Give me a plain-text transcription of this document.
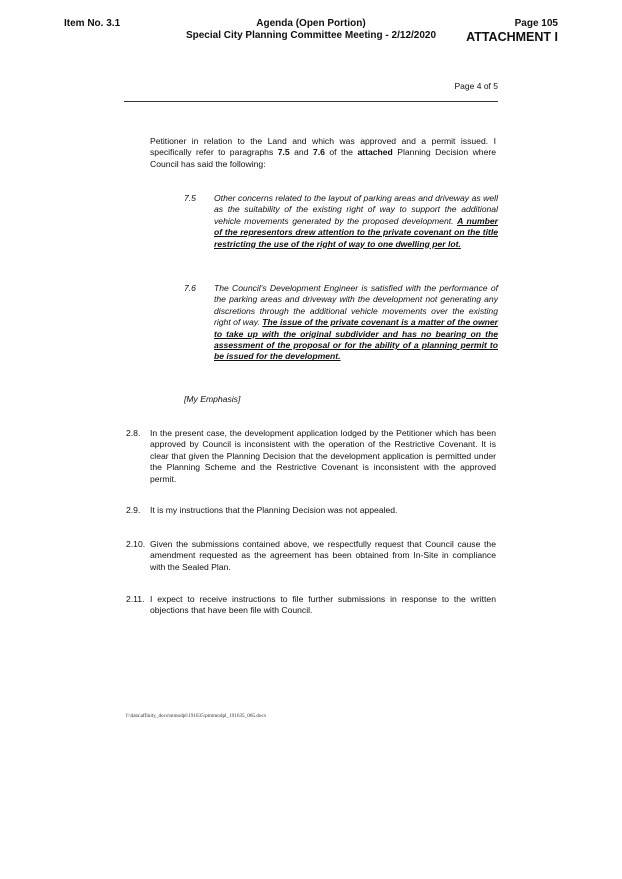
Item No. 3.1	Agenda (Open Portion)
Special City Planning Committee Meeting - 2/12/2020
Page 105
ATTACHMENT I
Page 4 of 5
Petitioner in relation to the Land and which was approved and a permit issued. I specifically refer to paragraphs 7.5 and 7.6 of the attached Planning Decision where Council has said the following:
7.5 Other concerns related to the layout of parking areas and driveway as well as the suitability of the existing right of way to support the additional vehicle movements generated by the proposed development. A number of the representors drew attention to the private covenant on the title restricting the use of the right of way to one dwelling per lot.
7.6 The Council's Development Engineer is satisfied with the performance of the parking areas and driveway with the development not generating any discretions through the additional vehicle movements over the existing right of way. The issue of the private covenant is a matter of the owner to take up with the original subdivider and has no bearing on the assessment of the proposal or for the ability of a planning permit to be issued for the development.
[My Emphasis]
2.8. In the present case, the development application lodged by the Petitioner which has been approved by Council is inconsistent with the operation of the Restrictive Covenant. It is clear that given the Planning Decision that the development application is permitted under the Planning Scheme and the Restrictive Covenant is inconsistent with the approved permit.
2.9. It is my instructions that the Planning Decision was not appealed.
2.10. Given the submissions contained above, we respectfully request that Council cause the amendment requested as the agreement has been obtained from In-Site in compliance with the Sealed Plan.
2.11. I expect to receive instructions to file further submissions in response to the written objections that have been file with Council.
f:\data\affinity_docs\mmodpl\191635\pimmodpl_191635_065.docx
